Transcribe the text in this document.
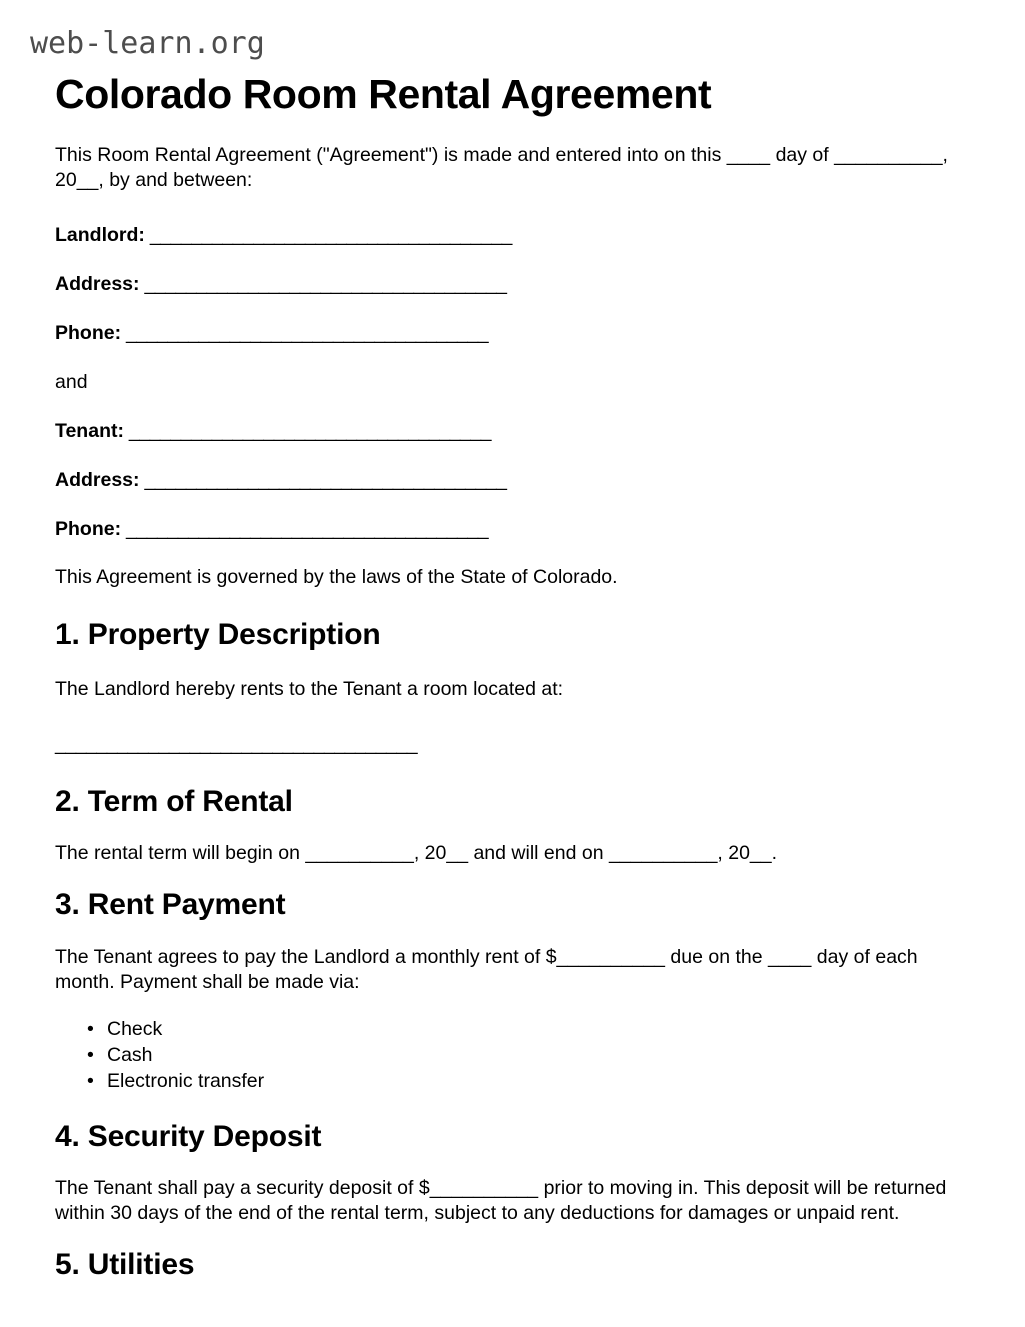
web-learn.org
Colorado Room Rental Agreement

This Room Rental Agreement ("Agreement") is made and entered into on this ____ day of __________, 20__, by and between:

Landlord: ___________________________________
Address: ___________________________________
Phone: ___________________________________

and

Tenant: ___________________________________
Address: ___________________________________
Phone: ___________________________________

This Agreement is governed by the laws of the State of Colorado.

1. Property Description

The Landlord hereby rents to the Tenant a room located at:

___________________________________
2. Term of Rental

The rental term will begin on __________, 20__ and will end on __________, 20__.

3. Rent Payment

The Tenant agrees to pay the Landlord a monthly rent of $__________ due on the ____ day of each month. Payment shall be made via:

• Check
• Cash
• Electronic transfer
4. Security Deposit

The Tenant shall pay a security deposit of $__________ prior to moving in. This deposit will be returned within 30 days of the end of the rental term, subject to any deductions for damages or unpaid rent.

5. Utilities
